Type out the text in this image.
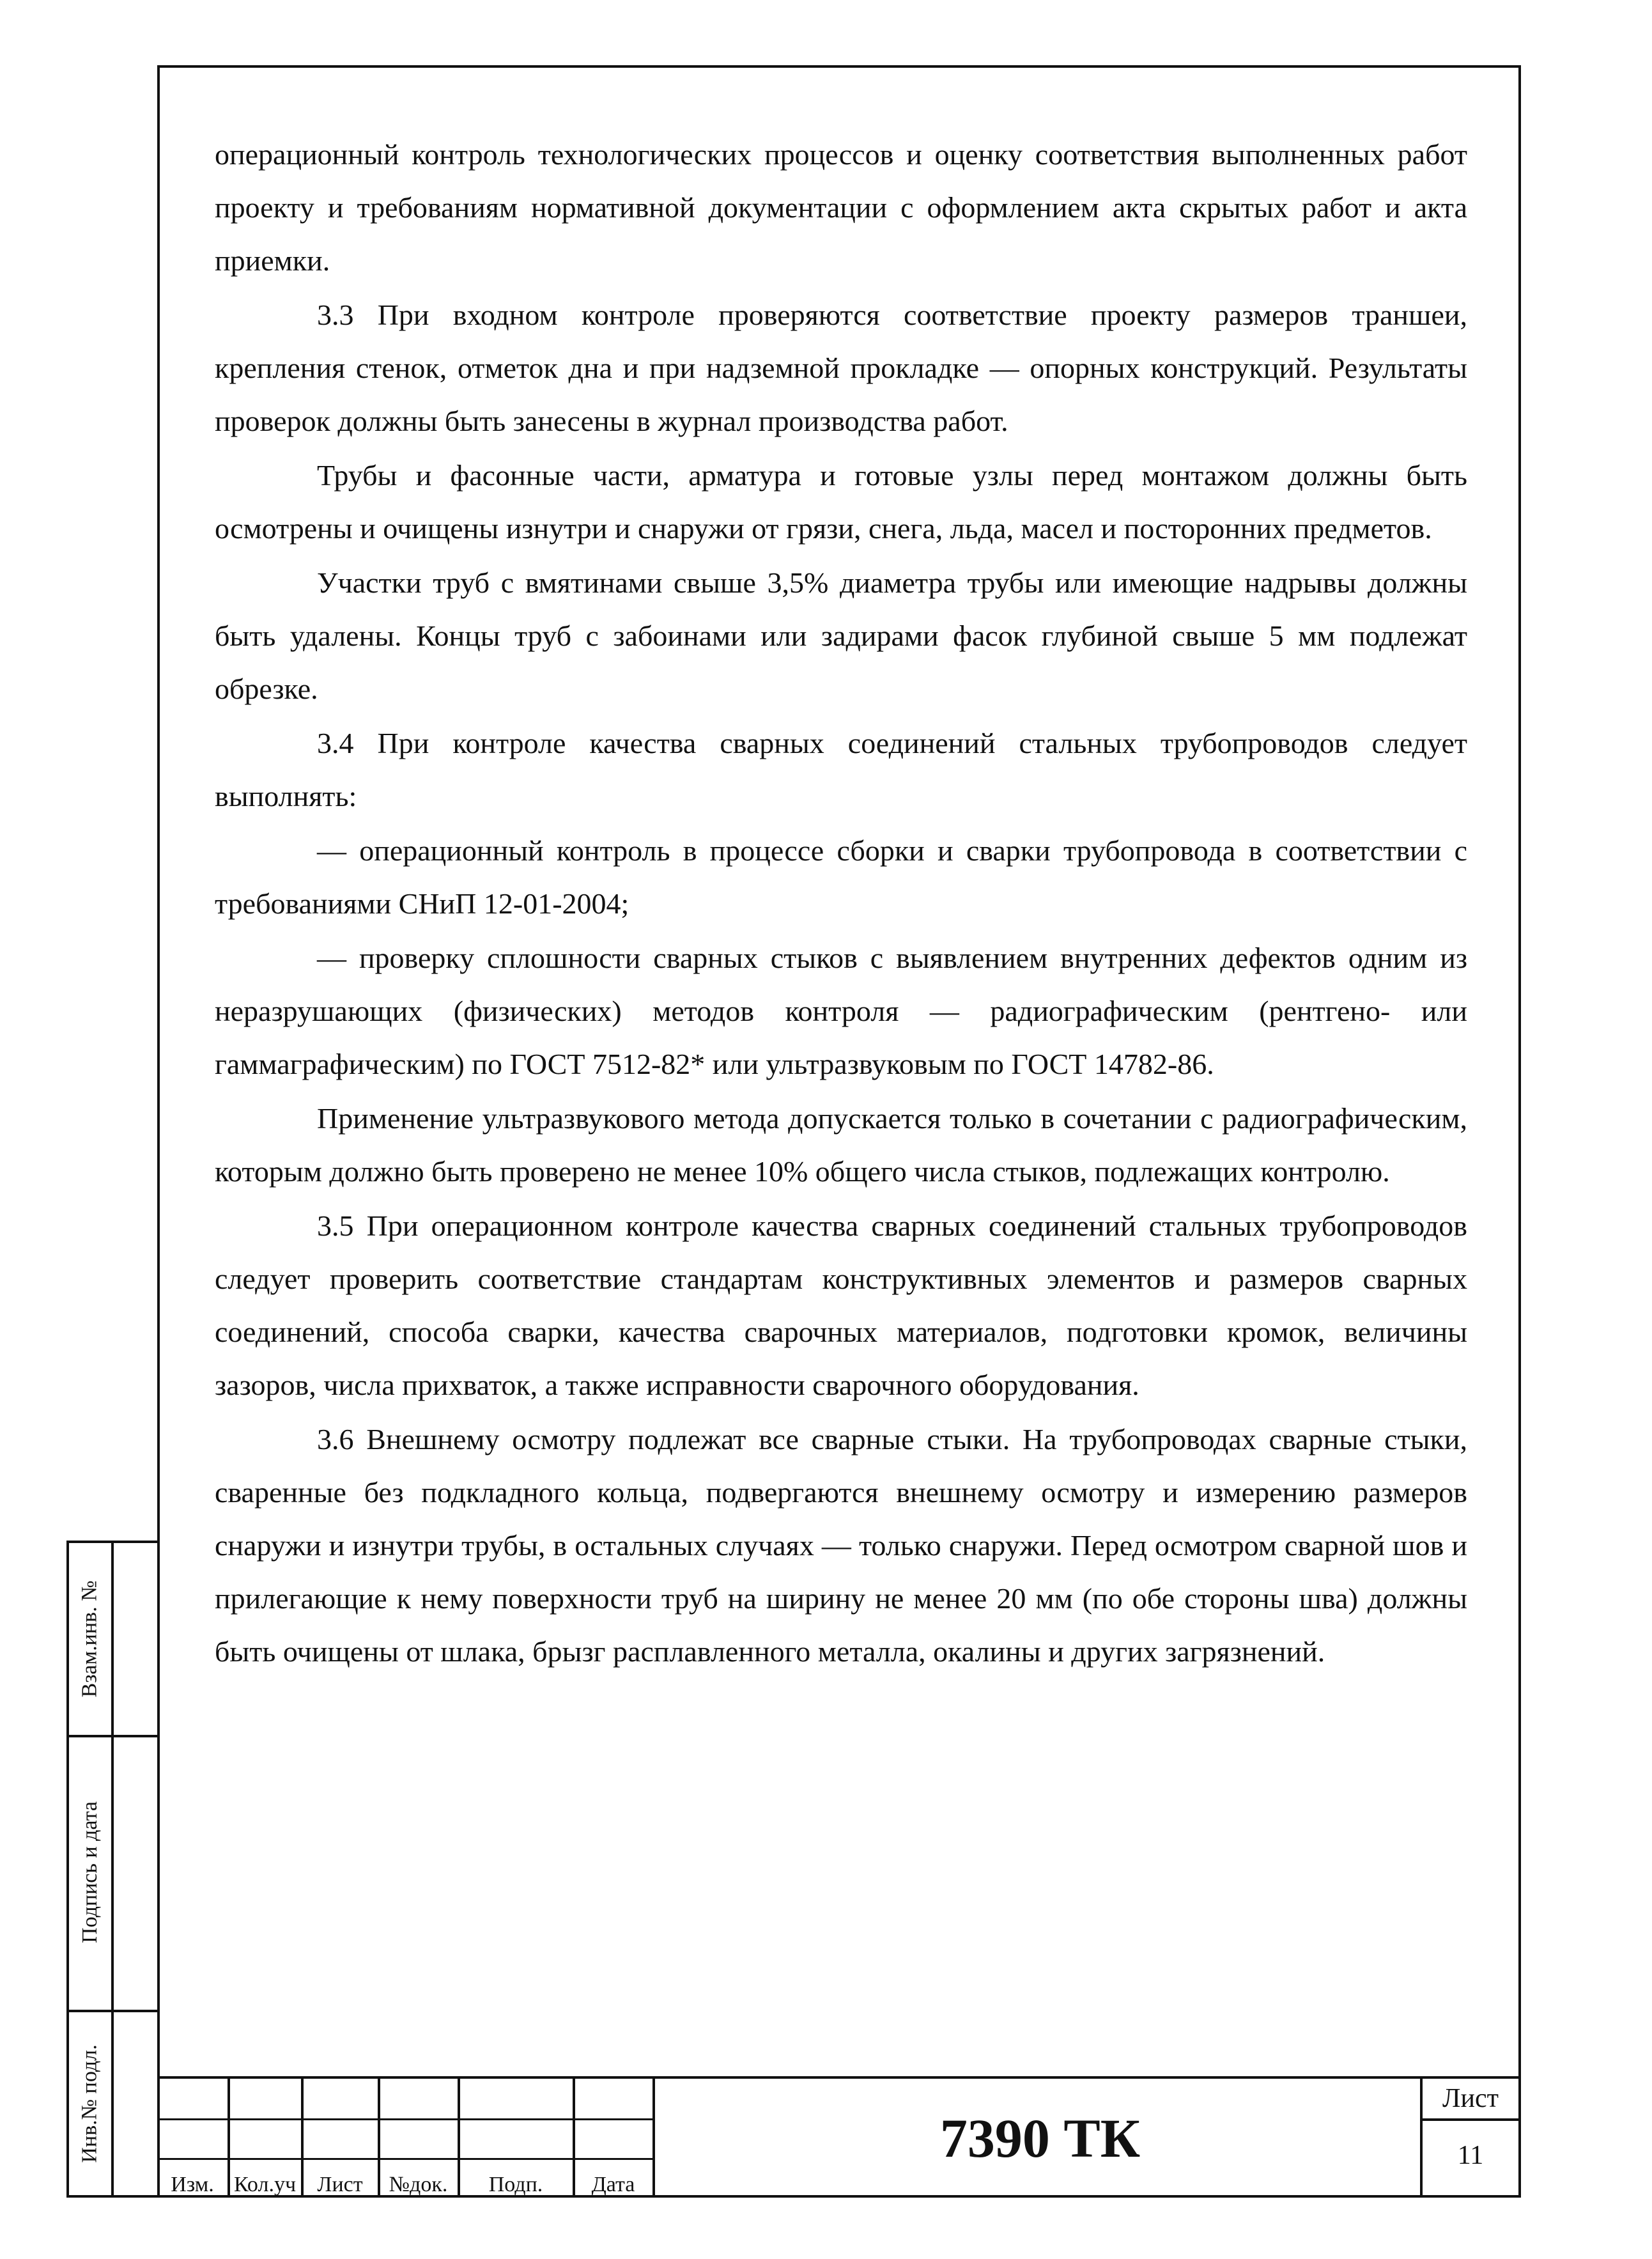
операционный контроль технологических процессов и оценку соответствия выполненных работ проекту и требованиям нормативной документации с оформлением акта скрытых работ и акта приемки.

3.3 При входном контроле проверяются соответствие проекту размеров траншеи, крепления стенок, отметок дна и при надземной прокладке — опорных конструкций. Результаты проверок должны быть занесены в журнал производства работ.

Трубы и фасонные части, арматура и готовые узлы перед монтажом должны быть осмотрены и очищены изнутри и снаружи от грязи, снега, льда, масел и посторонних предметов.

Участки труб с вмятинами свыше 3,5% диаметра трубы или имеющие надрывы должны быть удалены. Концы труб с забоинами или задирами фасок глубиной свыше 5 мм подлежат обрезке.

3.4 При контроле качества сварных соединений стальных трубопроводов следует выполнять:

— операционный контроль в процессе сборки и сварки трубопровода в соответствии с требованиями СНиП 12-01-2004;

— проверку сплошности сварных стыков с выявлением внутренних дефектов одним из неразрушающих (физических) методов контроля — радиографическим (рентгено- или гаммаграфическим) по ГОСТ 7512-82* или ультразвуковым по ГОСТ 14782-86.

Применение ультразвукового метода допускается только в сочетании с радиографическим, которым должно быть проверено не менее 10% общего числа стыков, подлежащих контролю.

3.5 При операционном контроле качества сварных соединений стальных трубопроводов следует проверить соответствие стандартам конструктивных элементов и размеров сварных соединений, способа сварки, качества сварочных материалов, подготовки кромок, величины зазоров, числа прихваток, а также исправности сварочного оборудования.

3.6 Внешнему осмотру подлежат все сварные стыки. На трубопроводах сварные стыки, сваренные без подкладного кольца, подвергаются внешнему осмотру и измерению размеров снаружи и изнутри трубы, в остальных случаях — только снаружи. Перед осмотром сварной шов и прилегающие к нему поверхности труб на ширину не менее 20 мм (по обе стороны шва) должны быть очищены от шлака, брызг расплавленного металла, окалины и других загрязнений.

Взам.инв. №
Подпись и дата
Инв.№ подл.
Изм. Кол.уч Лист	№док.	Подп.	Дата
7390 ТК
Лист
11
